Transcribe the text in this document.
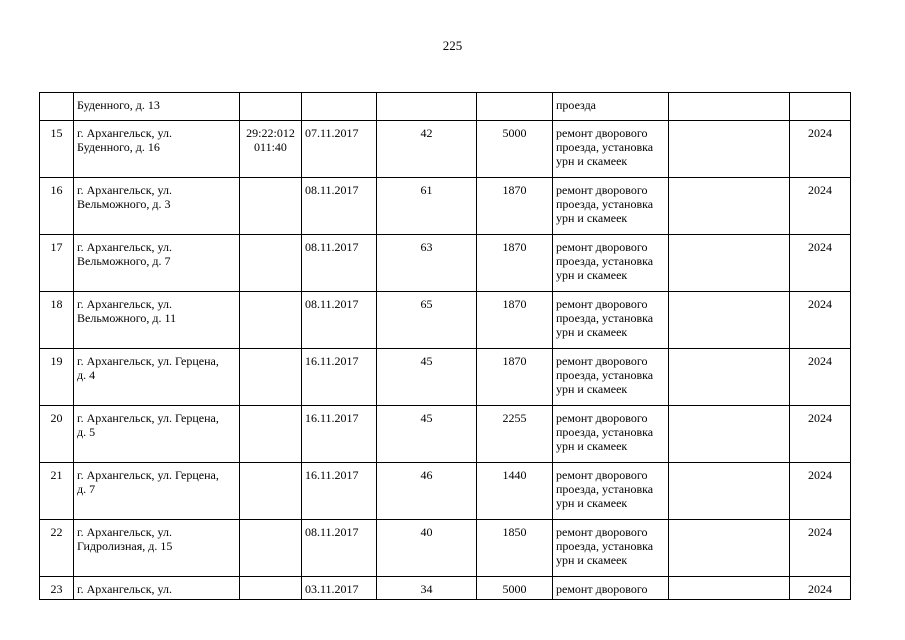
225

	Буденного, д. 13					проезда		

15	г. Архангельск, ул.
Буденного, д. 16	29:22:012
011:40	07.11.2017	42	5000	ремонт дворового
проезда, установка
урн и скамеек		2024

16	г. Архангельск, ул.
Вельможного, д. 3		08.11.2017	61	1870	ремонт дворового
проезда, установка
урн и скамеек		2024

17	г. Архангельск, ул.
Вельможного, д. 7		08.11.2017	63	1870	ремонт дворового
проезда, установка
урн и скамеек		2024

18	г. Архангельск, ул.
Вельможного, д. 11		08.11.2017	65	1870	ремонт дворового
проезда, установка
урн и скамеек		2024

19	г. Архангельск, ул. Герцена,
д. 4		16.11.2017	45	1870	ремонт дворового
проезда, установка
урн и скамеек		2024

20	г. Архангельск, ул. Герцена,
д. 5		16.11.2017	45	2255	ремонт дворового
проезда, установка
урн и скамеек		2024

21	г. Архангельск, ул. Герцена,
д. 7		16.11.2017	46	1440	ремонт дворового
проезда, установка
урн и скамеек		2024

22	г. Архангельск, ул.
Гидролизная, д. 15		08.11.2017	40	1850	ремонт дворового
проезда, установка
урн и скамеек		2024

23	г. Архангельск, ул.		03.11.2017	34	5000	ремонт дворового		2024
